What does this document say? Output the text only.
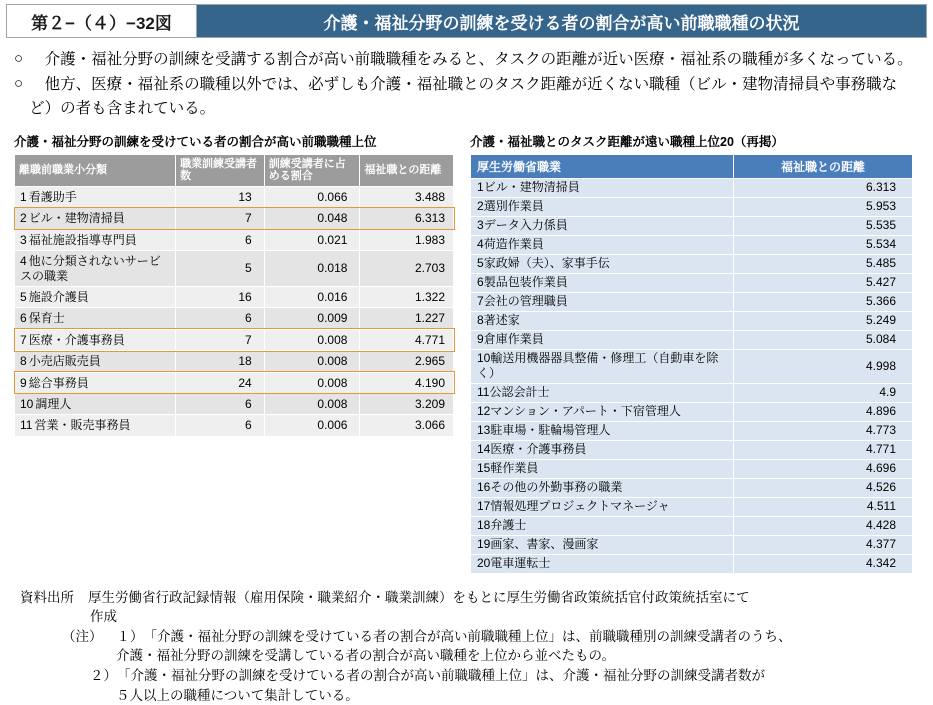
第２−（４）−32図	介護・福祉分野の訓練を受ける者の割合が高い前職職種の状況
○	介護・福祉分野の訓練を受講する割合が高い前職職種をみると、タスクの距離が近い医療・福祉系の職種が多くなっている。
○	他方、医療・福祉系の職種以外では、必ずしも介護・福祉職とのタスク距離が近くない職種（ビル・建物清掃員や事務職など）の者も含まれている。
介護・福祉分野の訓練を受けている者の割合が高い前職職種上位
離職前職業小分類	職業訓練受講者数	訓練受講者に占める割合	福祉職との距離
1 看護助手	13	0.066	3.488
2 ビル・建物清掃員	7	0.048	6.313
3 福祉施設指導専門員	6	0.021	1.983
4 他に分類されないサービスの職業	5	0.018	2.703
5 施設介護員	16	0.016	1.322
6 保育士	6	0.009	1.227
7 医療・介護事務員	7	0.008	4.771
8 小売店販売員	18	0.008	2.965
9 総合事務員	24	0.008	4.190
10 調理人	6	0.008	3.209
11 営業・販売事務員	6	0.006	3.066
介護・福祉職とのタスク距離が遠い職種上位20（再掲）
厚生労働省職業	福祉職との距離
1ビル・建物清掃員	6.313
2選別作業員	5.953
3データ入力係員	5.535
4荷造作業員	5.534
5家政婦（夫）、家事手伝	5.485
6製品包装作業員	5.427
7会社の管理職員	5.366
8著述家	5.249
9倉庫作業員	5.084
10輸送用機器器具整備・修理工（自動車を除く）	4.998
11公認会計士	4.9
12マンション・アパート・下宿管理人	4.896
13駐車場・駐輪場管理人	4.773
14医療・介護事務員	4.771
15軽作業員	4.696
16その他の外勤事務の職業	4.526
17情報処理プロジェクトマネージャ	4.511
18弁護士	4.428
19画家、書家、漫画家	4.377
20電車運転士	4.342
資料出所	厚生労働省行政記録情報（雇用保険・職業紹介・職業訓練）をもとに厚生労働省政策統括官付政策統括室にて
作成
（注）	１） 「介護・福祉分野の訓練を受けている者の割合が高い前職職種上位」は、前職職種別の訓練受講者のうち、
介護・福祉分野の訓練を受講している者の割合が高い職種を上位から並べたもの。
２） 「介護・福祉分野の訓練を受けている者の割合が高い前職職種上位」は、介護・福祉分野の訓練受講者数が
５人以上の職種について集計している。
